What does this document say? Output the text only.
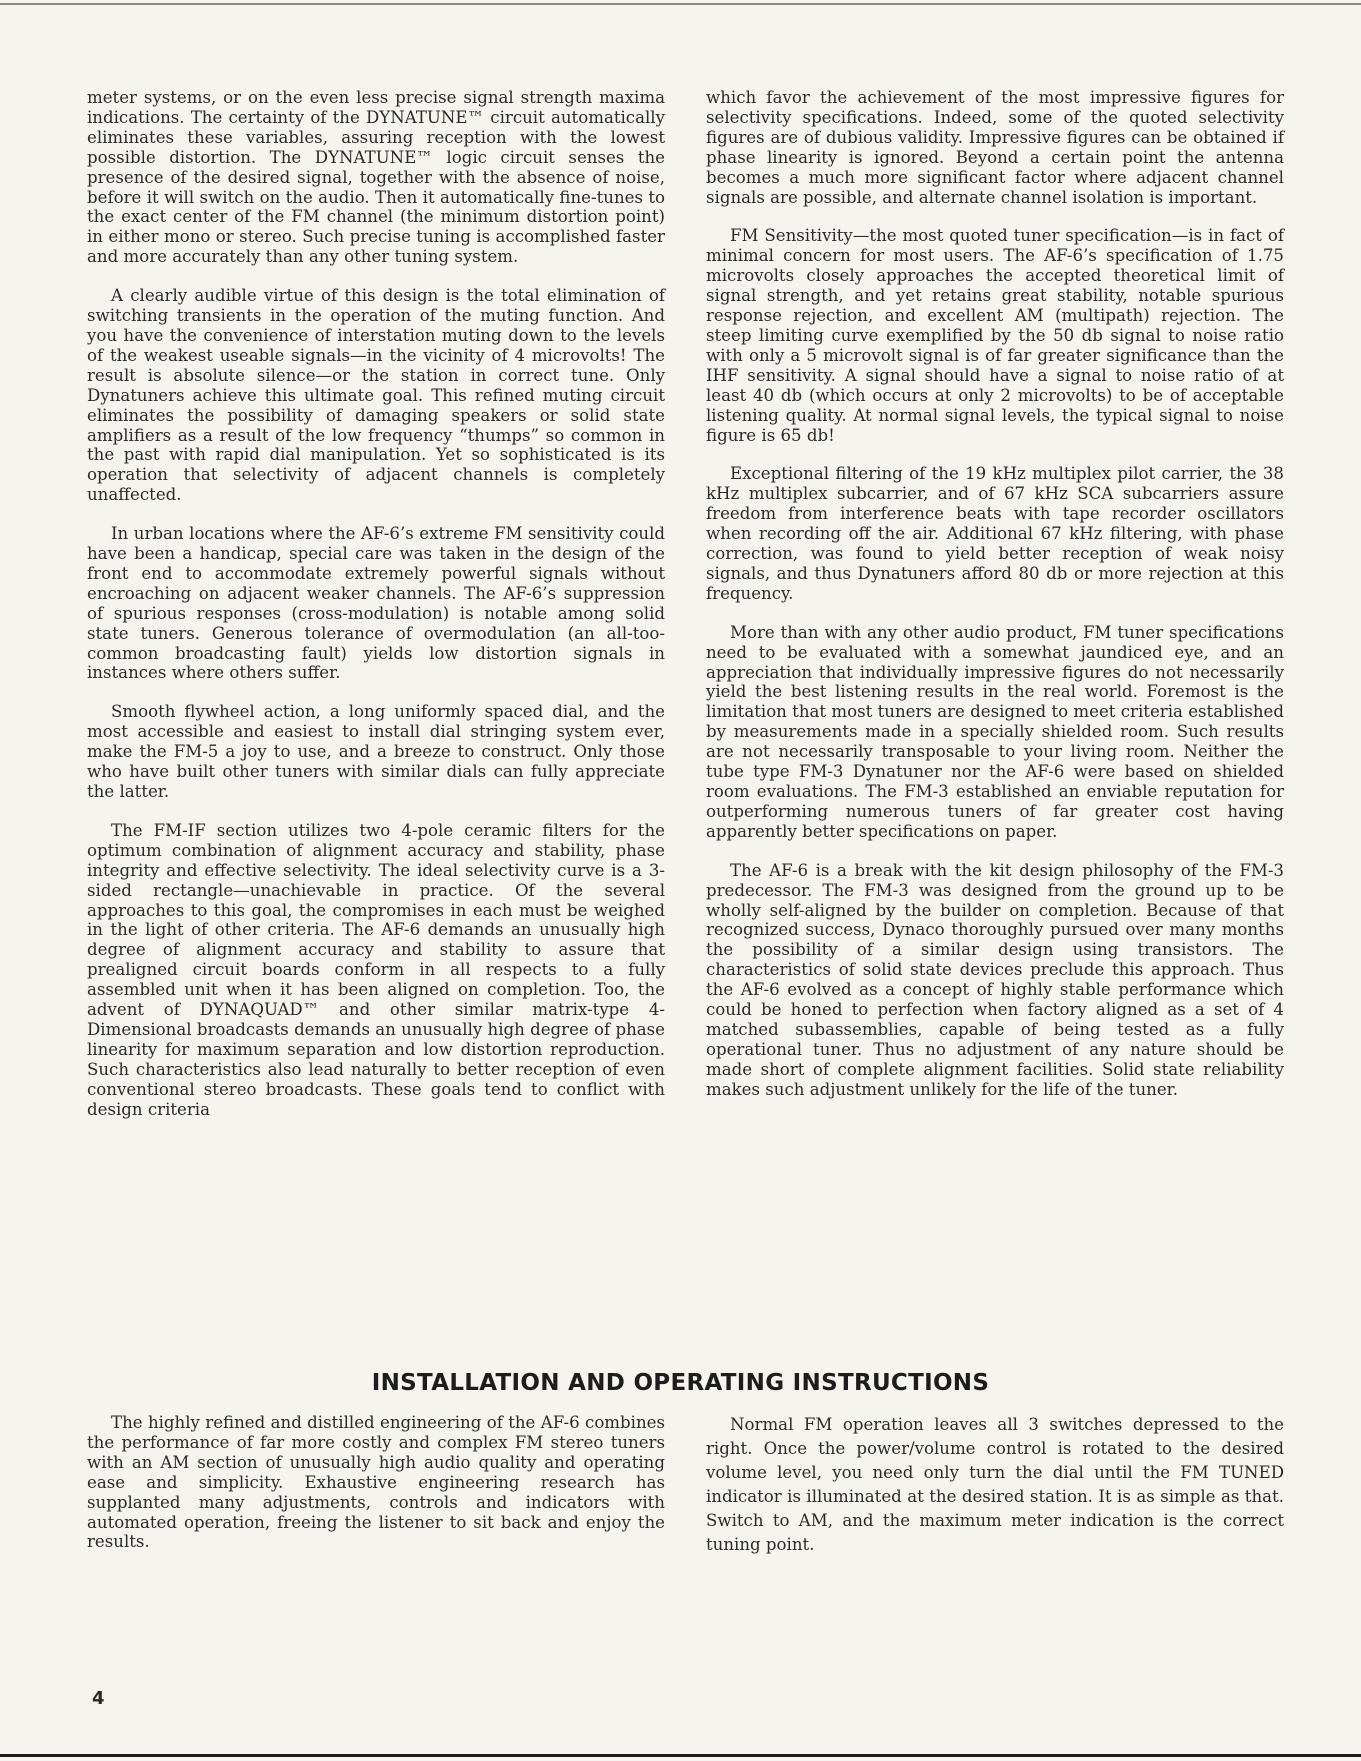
meter systems, or on the even less precise signal strength maxima indications. The certainty of the DYNATUNE™ circuit automatically eliminates these variables, assuring reception with the lowest possible distortion. The DYNATUNE™ logic circuit senses the presence of the desired signal, together with the absence of noise, before it will switch on the audio. Then it automatically fine-tunes to the exact center of the FM channel (the minimum distortion point) in either mono or stereo. Such precise tuning is accomplished faster and more accurately than any other tuning system.

A clearly audible virtue of this design is the total elimination of switching transients in the operation of the muting function. And you have the convenience of interstation muting down to the levels of the weakest useable signals—in the vicinity of 4 microvolts! The result is absolute silence—or the station in correct tune. Only Dynatuners achieve this ultimate goal. This refined muting circuit eliminates the possibility of damaging speakers or solid state amplifiers as a result of the low frequency “thumps” so common in the past with rapid dial manipulation. Yet so sophisticated is its operation that selectivity of adjacent channels is completely unaffected.

In urban locations where the AF-6’s extreme FM sensitivity could have been a handicap, special care was taken in the design of the front end to accommodate extremely powerful signals without encroaching on adjacent weaker channels. The AF-6’s suppression of spurious responses (cross-modulation) is notable among solid state tuners. Generous tolerance of overmodulation (an all-too-common broadcasting fault) yields low distortion signals in instances where others suffer.

Smooth flywheel action, a long uniformly spaced dial, and the most accessible and easiest to install dial stringing system ever, make the FM-5 a joy to use, and a breeze to construct. Only those who have built other tuners with similar dials can fully appreciate the latter.

The FM-IF section utilizes two 4-pole ceramic filters for the optimum combination of alignment accuracy and stability, phase integrity and effective selectivity. The ideal selectivity curve is a 3-sided rectangle—unachievable in practice. Of the several approaches to this goal, the compromises in each must be weighed in the light of other criteria. The AF-6 demands an unusually high degree of alignment accuracy and stability to assure that prealigned circuit boards conform in all respects to a fully assembled unit when it has been aligned on completion. Too, the advent of DYNAQUAD™ and other similar matrix-type 4-Dimensional broadcasts demands an unusually high degree of phase linearity for maximum separation and low distortion reproduction. Such characteristics also lead naturally to better reception of even conventional stereo broadcasts. These goals tend to conflict with design criteria

which favor the achievement of the most impressive figures for selectivity specifications. Indeed, some of the quoted selectivity figures are of dubious validity. Impressive figures can be obtained if phase linearity is ignored. Beyond a certain point the antenna becomes a much more significant factor where adjacent channel signals are possible, and alternate channel isolation is important.

FM Sensitivity—the most quoted tuner specification—is in fact of minimal concern for most users. The AF-6’s specification of 1.75 microvolts closely approaches the accepted theoretical limit of signal strength, and yet retains great stability, notable spurious response rejection, and excellent AM (multipath) rejection. The steep limiting curve exemplified by the 50 db signal to noise ratio with only a 5 microvolt signal is of far greater significance than the IHF sensitivity. A signal should have a signal to noise ratio of at least 40 db (which occurs at only 2 microvolts) to be of acceptable listening quality. At normal signal levels, the typical signal to noise figure is 65 db!

Exceptional filtering of the 19 kHz multiplex pilot carrier, the 38 kHz multiplex subcarrier, and of 67 kHz SCA subcarriers assure freedom from interference beats with tape recorder oscillators when recording off the air. Additional 67 kHz filtering, with phase correction, was found to yield better reception of weak noisy signals, and thus Dynatuners afford 80 db or more rejection at this frequency.

More than with any other audio product, FM tuner specifications need to be evaluated with a somewhat jaundiced eye, and an appreciation that individually impressive figures do not necessarily yield the best listening results in the real world. Foremost is the limitation that most tuners are designed to meet criteria established by measurements made in a specially shielded room. Such results are not necessarily transposable to your living room. Neither the tube type FM-3 Dynatuner nor the AF-6 were based on shielded room evaluations. The FM-3 established an enviable reputation for outperforming numerous tuners of far greater cost having apparently better specifications on paper.

The AF-6 is a break with the kit design philosophy of the FM-3 predecessor. The FM-3 was designed from the ground up to be wholly self-aligned by the builder on completion. Because of that recognized success, Dynaco thoroughly pursued over many months the possibility of a similar design using transistors. The characteristics of solid state devices preclude this approach. Thus the AF-6 evolved as a concept of highly stable performance which could be honed to perfection when factory aligned as a set of 4 matched subassemblies, capable of being tested as a fully operational tuner. Thus no adjustment of any nature should be made short of complete alignment facilities. Solid state reliability makes such adjustment unlikely for the life of the tuner.

INSTALLATION AND OPERATING INSTRUCTIONS

The highly refined and distilled engineering of the AF-6 combines the performance of far more costly and complex FM stereo tuners with an AM section of unusually high audio quality and operating ease and simplicity. Exhaustive engineering research has supplanted many adjustments, controls and indicators with automated operation, freeing the listener to sit back and enjoy the results.

Normal FM operation leaves all 3 switches depressed to the right. Once the power/volume control is rotated to the desired volume level, you need only turn the dial until the FM TUNED indicator is illuminated at the desired station. It is as simple as that. Switch to AM, and the maximum meter indication is the correct tuning point.

4
